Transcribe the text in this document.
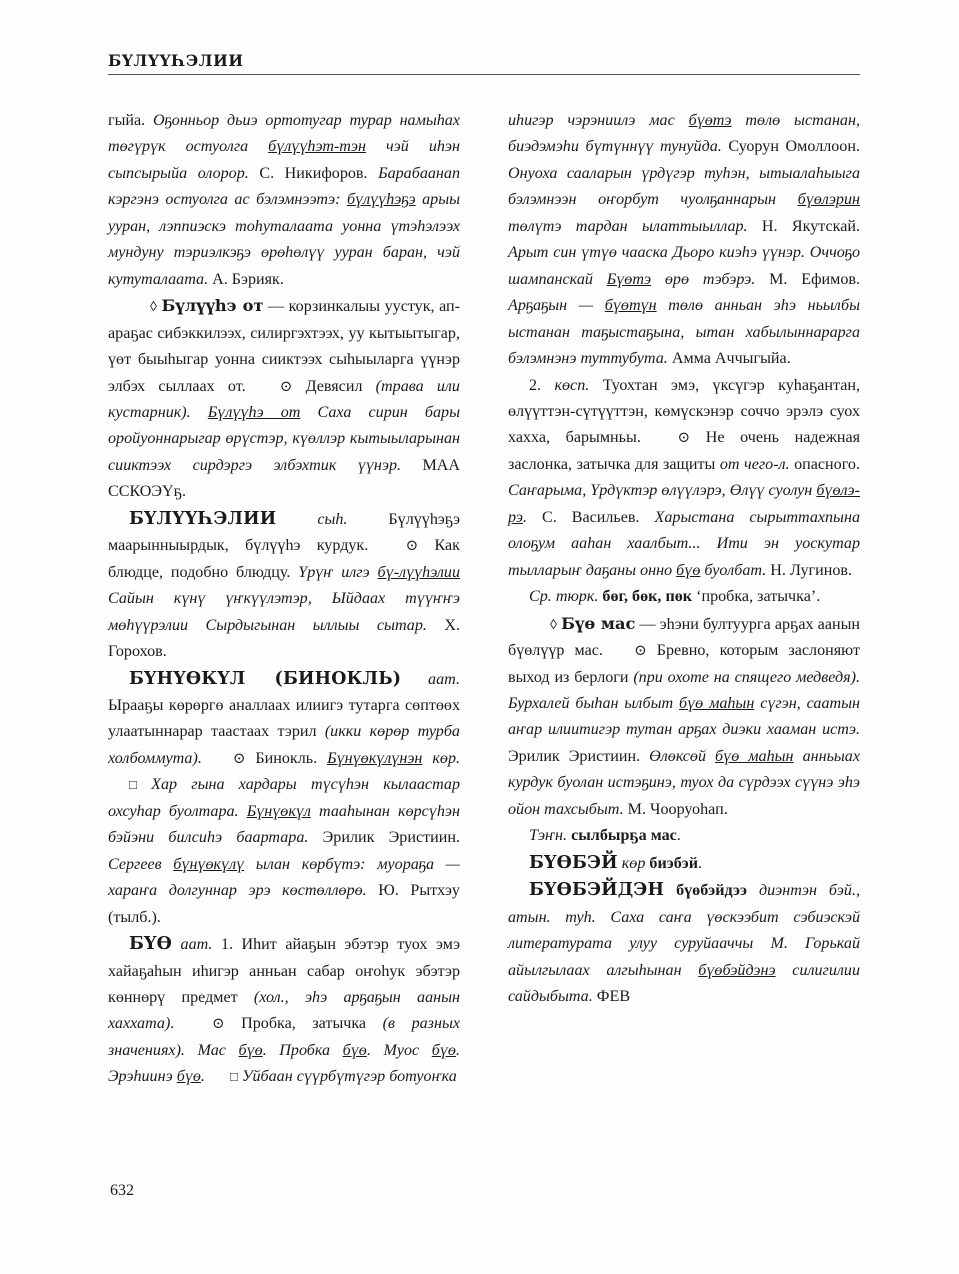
БҮЛҮҮҺЭЛИИ

гыйа. Оҕонньор дьиэ ортотугар турар намыһах төгүрүк остуолга бүлүүһэт-тэн чэй иһэн сыпсырыйа олорор. С. Никифоров. Барабаанап кэргэнэ остуолга ас бэлэмнээтэ: бүлүүһэҕэ арыы ууран, лэппиэскэ тоһуталаата уонна үтэһэлээх мундуну тэриэлкэҕэ өрөһөлүү ууран баран, чэй кутуталаата. А. Бэрияк.

◊ Бүлүүһэ от — корзинкалыы уустук, ап-араҕас сибэккилээх, силиргэхтээх, уу кытыытыгар, үөт быыһыгар уонна сииктээх сыһыыларга үүнэр элбэх сыллаах от. ⊙ Девясил (трава или кустарник). Бүлүүһэ от Саха сирин бары оройуоннарыгар өрүстэр, күөллэр кытыыларынан сииктээх сирдэргэ элбэхтик үүнэр. МАА ССКОЭҮҕ.

БҮЛҮҮҺЭЛИИ сыһ. Бүлүүһэҕэ маарынныырдык, бүлүүһэ курдук. ⊙ Как блюдце, подобно блюдцу. Үрүҥ илгэ бү-лүүһэлии Сайын күнү үҥкүүлэтэр, Ыйдаах түүҥҥэ мөһүүрэлии Сырдыгынан ыллыы сытар. Х. Горохов.

БҮНҮӨКҮЛ (БИНОКЛЬ) аат. Ырааҕы көрөргө аналлаах илиигэ тутарга сөптөөх улаатыннарар таастаах тэрил (икки көрөр турба холбоммута). ⊙ Бинокль. Бүнүөкүлүнэн көр. □ Хар гына хардары түсүһэн кылаастар охсуһар буолтара. Бүнүөкүл тааһынан көрсүһэн бэйэни билсиһэ баартара. Эрилик Эристиин. Сергеев бүнүөкүлү ылан көрбүтэ: муораҕа — хараҥа долгуннар эрэ көстөллөрө. Ю. Рытхэу (тылб.).

БҮӨ аат. 1. Иһит айаҕын эбэтэр туох эмэ хайаҕаһын иһигэр анньан сабар оҥоһук эбэтэр көннөрү предмет (хол., эһэ арҕаҕын аанын хаххата). ⊙ Пробка, затычка (в разных значениях). Мас бүө. Пробка бүө. Муос бүө. Эрэһиинэ бүө. □ Уйбаан сүүрбүтүгэр ботуоҥка

иһигэр чэрэниилэ мас бүөтэ төлө ыстанан, биэдэмэһи бүтүннүү тунуйда. Суорун Омоллоон. Онуоха сааларын үрдүгэр туһэн, ытыалаһыыга бэлэмнээн оҥорбут чуолҕаннарын бүөлэрин төлүтэ тардан ылаттыыллар. Н. Якутскай. Арыт син үтүө чааска Дьоро киэһэ үүнэр. Оччоҕо шампанскай Бүөтэ өрө тэбэрэ. М. Ефимов. Арҕаҕын — бүөтүн төлө анньан эһэ ньылбы ыстанан таҕыстаҕына, ытан хабылыннарарга бэлэмнэнэ туттубута. Амма Аччыгыйа.

2. көсп. Туохтан эмэ, үксүгэр куһаҕантан, өлүүттэн-сүтүүттэн, көмүскэнэр соччо эрэлэ суох хахха, барымньы. ⊙ Не очень надежная заслонка, затычка для защиты от чего-л. опасного. Саҥарыма, Үрдүктэр өлүүлэрэ, Өлүү суолун бүөлэ-рэ. С. Васильев. Харыстана сырыттахпына олоҕум ааһан хаалбыт... Ити эн уоскутар тылларыҥ даҕаны онно бүө буолбат. Н. Лугинов.

Ср. тюрк. бөг, бөк, пөк ‘пробка, затычка’.

◊ Бүө мас — эһэни бултуурга арҕах аанын бүөлүүр мас. ⊙ Бревно, которым заслоняют выход из берлоги (при охоте на спящего медведя). Бурхалей быһан ылбыт бүө маһын сүгэн, саатын аҥар илиитигэр тутан арҕах диэки хааман истэ. Эрилик Эристиин. Өлөксөй бүө маһын анньыах курдук буолан истэҕинэ, туох да сүрдээх сүүнэ эһэ ойон тахсыбыт. М. Чооруоһап.

Тэҥн. сылбырҕа мас.

БҮӨБЭЙ көр биэбэй.

БҮӨБЭЙДЭН бүөбэйдээ диэнтэн бэй., атын. туһ. Саха саҥа үөскээбит сэбиэскэй литературата улуу суруйааччы М. Горькай айылгылаах алгыһынан бүөбэйдэнэ силигилии сайдыбыта. ФЕВ

632
